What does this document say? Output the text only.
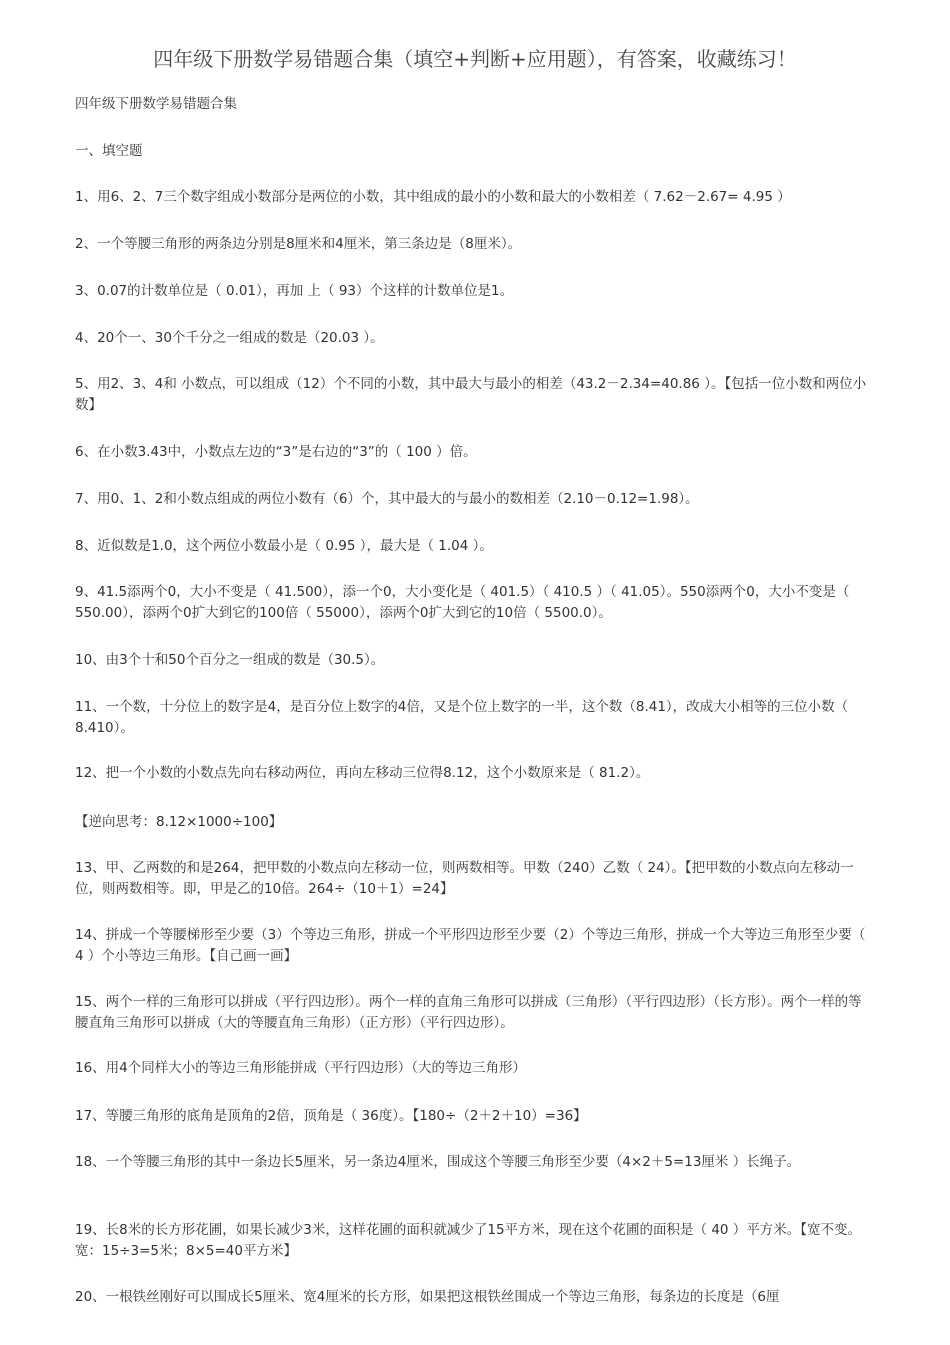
四年级下册数学易错题合集（填空+判断+应用题），有答案，收藏练习！
四年级下册数学易错题合集
一、填空题
1、用6、2、7三个数字组成小数部分是两位的小数，其中组成的最小的小数和最大的小数相差（ 7.62－2.67= 4.95 ）
2、一个等腰三角形的两条边分别是8厘米和4厘米，第三条边是（8厘米）。
3、0.07的计数单位是（ 0.01），再加 上（ 93）个这样的计数单位是1。
4、20个一、30个千分之一组成的数是（20.03 ）。
5、用2、3、4和 小数点，可以组成（12）个不同的小数，其中最大与最小的相差（43.2－2.34=40.86 ）。【包括一位小数和两位小数】
6、在小数3.43中，小数点左边的“3”是右边的“3”的（ 100 ）倍。
7、用0、1、2和小数点组成的两位小数有（6）个，其中最大的与最小的数相差（2.10－0.12=1.98）。
8、近似数是1.0，这个两位小数最小是（ 0.95 ），最大是（ 1.04 ）。
9、41.5添两个0，大小不变是（ 41.500），添一个0，大小变化是（ 401.5）（ 410.5 ）（ 41.05）。550添两个0，大小不变是（ 550.00），添两个0扩大到它的100倍（ 55000），添两个0扩大到它的10倍（ 5500.0）。
10、由3个十和50个百分之一组成的数是（30.5）。
11、一个数，十分位上的数字是4，是百分位上数字的4倍，又是个位上数字的一半，这个数（8.41），改成大小相等的三位小数（ 8.410）。
12、把一个小数的小数点先向右移动两位，再向左移动三位得8.12，这个小数原来是（ 81.2）。
【逆向思考：8.12×1000÷100】
13、甲、乙两数的和是264，把甲数的小数点向左移动一位，则两数相等。甲数（240）乙数（ 24）。【把甲数的小数点向左移动一位，则两数相等。即，甲是乙的10倍。264÷（10＋1）=24】
14、拼成一个等腰梯形至少要（3）个等边三角形，拼成一个平形四边形至少要（2）个等边三角形，拼成一个大等边三角形至少要（ 4 ）个小等边三角形。【自己画一画】
15、两个一样的三角形可以拼成（平行四边形）。两个一样的直角三角形可以拼成（三角形）（平行四边形）（长方形）。两个一样的等腰直角三角形可以拼成（大的等腰直角三角形）（正方形）（平行四边形）。
16、用4个同样大小的等边三角形能拼成（平行四边形）（大的等边三角形）
17、等腰三角形的底角是顶角的2倍，顶角是（ 36度）。【180÷（2＋2＋10）=36】
18、一个等腰三角形的其中一条边长5厘米，另一条边4厘米，围成这个等腰三角形至少要（4×2＋5=13厘米 ）长绳子。
19、长8米的长方形花圃，如果长减少3米，这样花圃的面积就减少了15平方米，现在这个花圃的面积是（ 40 ）平方米。【宽不变。宽：15÷3=5米；8×5=40平方米】
20、一根铁丝刚好可以围成长5厘米、宽4厘米的长方形，如果把这根铁丝围成一个等边三角形，每条边的长度是（6厘
